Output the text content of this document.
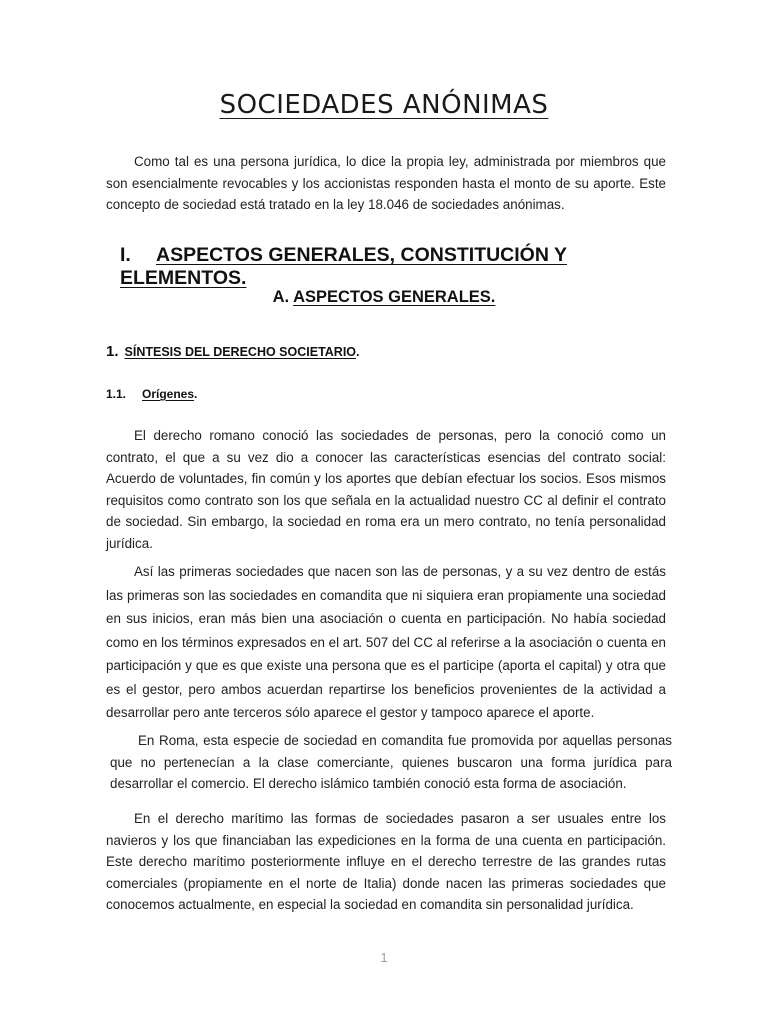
SOCIEDADES ANÓNIMAS
Como tal es una persona jurídica, lo dice la propia ley, administrada por miembros que son esencialmente revocables y los accionistas responden hasta el monto de su aporte. Este concepto de sociedad está tratado en la ley 18.046 de sociedades anónimas.
I. ASPECTOS GENERALES, CONSTITUCIÓN Y ELEMENTOS.
A. ASPECTOS GENERALES.
1. SÍNTESIS DEL DERECHO SOCIETARIO.
1.1. Orígenes.
El derecho romano conoció las sociedades de personas, pero la conoció como un contrato, el que a su vez dio a conocer las características esencias del contrato social: Acuerdo de voluntades, fin común y los aportes que debían efectuar los socios. Esos mismos requisitos como contrato son los que señala en la actualidad nuestro CC al definir el contrato de sociedad. Sin embargo, la sociedad en roma era un mero contrato, no tenía personalidad jurídica.
Así las primeras sociedades que nacen son las de personas, y a su vez dentro de estás las primeras son las sociedades en comandita que ni siquiera eran propiamente una sociedad en sus inicios, eran más bien una asociación o cuenta en participación. No había sociedad como en los términos expresados en el art. 507 del CC al referirse a la asociación o cuenta en participación y que es que existe una persona que es el participe (aporta el capital) y otra que es el gestor, pero ambos acuerdan repartirse los beneficios provenientes de la actividad a desarrollar pero ante terceros sólo aparece el gestor y tampoco aparece el aporte.
En Roma, esta especie de sociedad en comandita fue promovida por aquellas personas que no pertenecían a la clase comerciante, quienes buscaron una forma jurídica para desarrollar el comercio. El derecho islámico también conoció esta forma de asociación.
En el derecho marítimo las formas de sociedades pasaron a ser usuales entre los navieros y los que financiaban las expediciones en la forma de una cuenta en participación. Este derecho marítimo posteriormente influye en el derecho terrestre de las grandes rutas comerciales (propiamente en el norte de Italia) donde nacen las primeras sociedades que conocemos actualmente, en especial la sociedad en comandita sin personalidad jurídica.
1
